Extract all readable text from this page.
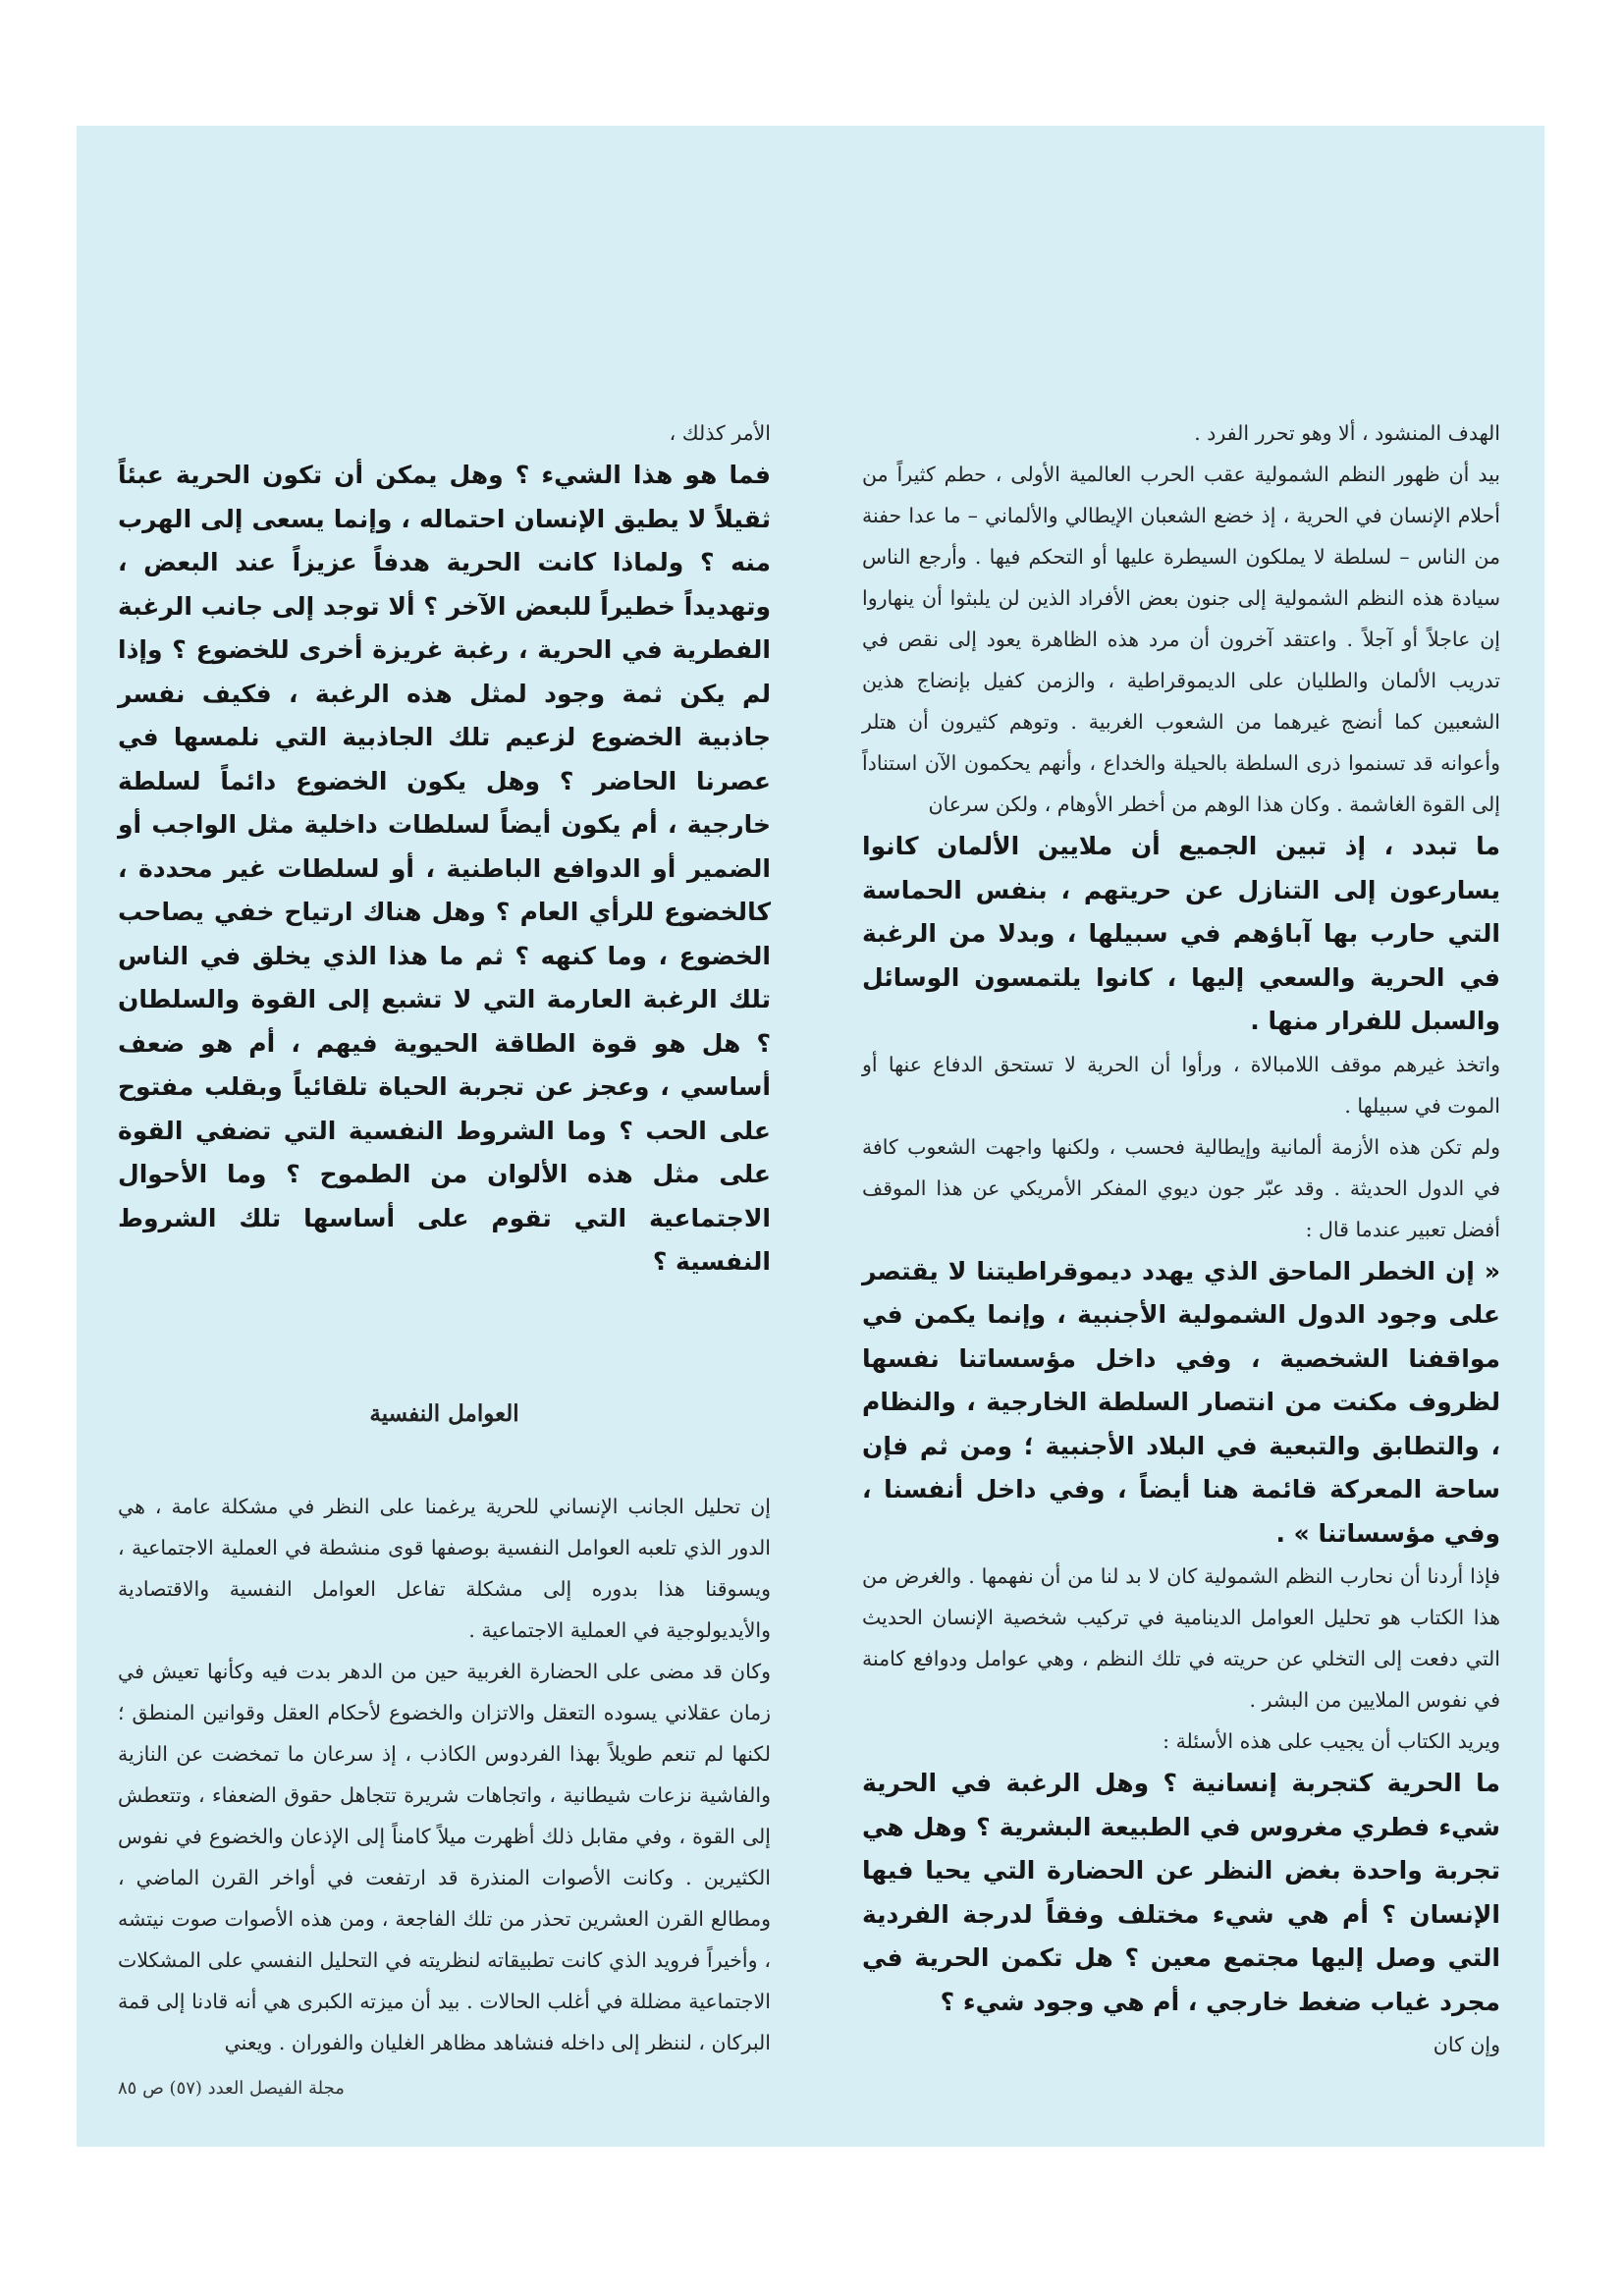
الهدف المنشود ، ألا وهو تحرر الفرد .

بيد أن ظهور النظم الشمولية عقب الحرب العالمية الأولى ، حطم كثيراً من أحلام الإنسان في الحرية ، إذ خضع الشعبان الإيطالي والألماني – ما عدا حفنة من الناس – لسلطة لا يملكون السيطرة عليها أو التحكم فيها . وأرجع الناس سيادة هذه النظم الشمولية إلى جنون بعض الأفراد الذين لن يلبثوا أن ينهاروا إن عاجلاً أو آجلاً . واعتقد آخرون أن مرد هذه الظاهرة يعود إلى نقص في تدريب الألمان والطليان على الديموقراطية ، والزمن كفيل بإنضاج هذين الشعبين كما أنضج غيرهما من الشعوب الغربية . وتوهم كثيرون أن هتلر وأعوانه قد تسنموا ذرى السلطة بالحيلة والخداع ، وأنهم يحكمون الآن استناداً إلى القوة الغاشمة . وكان هذا الوهم من أخطر الأوهام ، ولكن سرعان

ما تبدد ، إذ تبين الجميع أن ملايين الألمان كانوا يسارعون إلى التنازل عن حريتهم ، بنفس الحماسة التي حارب بها آباؤهم في سبيلها ، وبدلا من الرغبة في الحرية والسعي إليها ، كانوا يلتمسون الوسائل والسبل للفرار منها .

واتخذ غيرهم موقف اللامبالاة ، ورأوا أن الحرية لا تستحق الدفاع عنها أو الموت في سبيلها .

ولم تكن هذه الأزمة ألمانية وإيطالية فحسب ، ولكنها واجهت الشعوب كافة في الدول الحديثة . وقد عبّر جون ديوي المفكر الأمريكي عن هذا الموقف أفضل تعبير عندما قال :

« إن الخطر الماحق الذي يهدد ديموقراطيتنا لا يقتصر على وجود الدول الشمولية الأجنبية ، وإنما يكمن في مواقفنا الشخصية ، وفي داخل مؤسساتنا نفسها لظروف مكنت من انتصار السلطة الخارجية ، والنظام ، والتطابق والتبعية في البلاد الأجنبية ؛ ومن ثم فإن ساحة المعركة قائمة هنا أيضاً ، وفي داخل أنفسنا ، وفي مؤسساتنا » .

فإذا أردنا أن نحارب النظم الشمولية كان لا بد لنا من أن نفهمها . والغرض من هذا الكتاب هو تحليل العوامل الدينامية في تركيب شخصية الإنسان الحديث التي دفعت إلى التخلي عن حريته في تلك النظم ، وهي عوامل ودوافع كامنة في نفوس الملايين من البشر .

ويريد الكتاب أن يجيب على هذه الأسئلة :

ما الحرية كتجربة إنسانية ؟ وهل الرغبة في الحرية شيء فطري مغروس في الطبيعة البشرية ؟ وهل هي تجربة واحدة بغض النظر عن الحضارة التي يحيا فيها الإنسان ؟ أم هي شيء مختلف وفقاً لدرجة الفردية التي وصل إليها مجتمع معين ؟ هل تكمن الحرية في مجرد غياب ضغط خارجي ، أم هي وجود شيء ؟

وإن كان

الأمر كذلك ،

فما هو هذا الشيء ؟ وهل يمكن أن تكون الحرية عبئاً ثقيلاً لا يطيق الإنسان احتماله ، وإنما يسعى إلى الهرب منه ؟ ولماذا كانت الحرية هدفاً عزيزاً عند البعض ، وتهديداً خطيراً للبعض الآخر ؟ ألا توجد إلى جانب الرغبة الفطرية في الحرية ، رغبة غريزة أخرى للخضوع ؟ وإذا لم يكن ثمة وجود لمثل هذه الرغبة ، فكيف نفسر جاذبية الخضوع لزعيم تلك الجاذبية التي نلمسها في عصرنا الحاضر ؟ وهل يكون الخضوع دائماً لسلطة خارجية ، أم يكون أيضاً لسلطات داخلية مثل الواجب أو الضمير أو الدوافع الباطنية ، أو لسلطات غير محددة ، كالخضوع للرأي العام ؟ وهل هناك ارتياح خفي يصاحب الخضوع ، وما كنهه ؟ ثم ما هذا الذي يخلق في الناس تلك الرغبة العارمة التي لا تشبع إلى القوة والسلطان ؟ هل هو قوة الطاقة الحيوية فيهم ، أم هو ضعف أساسي ، وعجز عن تجربة الحياة تلقائياً وبقلب مفتوح على الحب ؟ وما الشروط النفسية التي تضفي القوة على مثل هذه الألوان من الطموح ؟ وما الأحوال الاجتماعية التي تقوم على أساسها تلك الشروط النفسية ؟

العوامل النفسية

إن تحليل الجانب الإنساني للحرية يرغمنا على النظر في مشكلة عامة ، هي الدور الذي تلعبه العوامل النفسية بوصفها قوى منشطة في العملية الاجتماعية ، ويسوقنا هذا بدوره إلى مشكلة تفاعل العوامل النفسية والاقتصادية والأيديولوجية في العملية الاجتماعية .

وكان قد مضى على الحضارة الغربية حين من الدهر بدت فيه وكأنها تعيش في زمان عقلاني يسوده التعقل والاتزان والخضوع لأحكام العقل وقوانين المنطق ؛ لكنها لم تنعم طويلاً بهذا الفردوس الكاذب ، إذ سرعان ما تمخضت عن النازية والفاشية نزعات شيطانية ، واتجاهات شريرة تتجاهل حقوق الضعفاء ، وتتعطش إلى القوة ، وفي مقابل ذلك أظهرت ميلاً كامناً إلى الإذعان والخضوع في نفوس الكثيرين . وكانت الأصوات المنذرة قد ارتفعت في أواخر القرن الماضي ، ومطالع القرن العشرين تحذر من تلك الفاجعة ، ومن هذه الأصوات صوت نيتشه ، وأخيراً فرويد الذي كانت تطبيقاته لنظريته في التحليل النفسي على المشكلات الاجتماعية مضللة في أغلب الحالات . بيد أن ميزته الكبرى هي أنه قادنا إلى قمة البركان ، لننظر إلى داخله فنشاهد مظاهر الغليان والفوران . ويعني

مجلة الفيصل العدد (٥٧) ص ٨٥
